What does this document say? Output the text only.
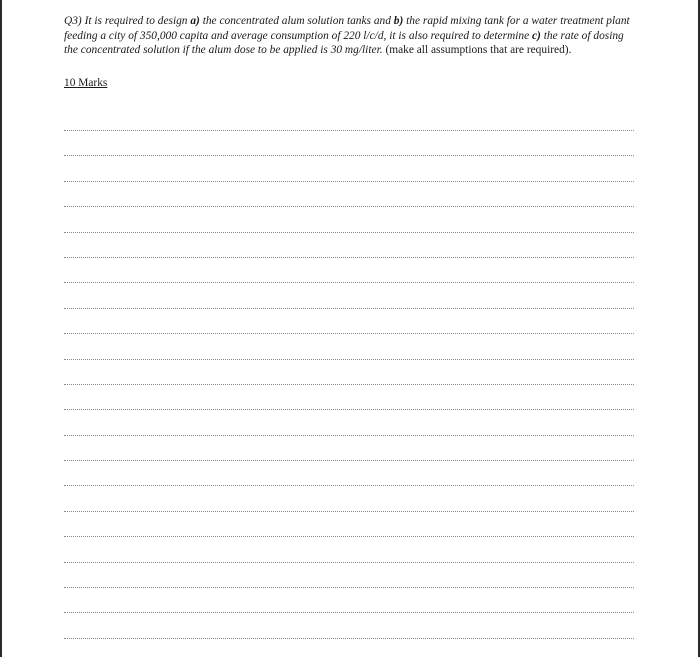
Q3) It is required to design a) the concentrated alum solution tanks and b) the rapid mixing tank for a water treatment plant feeding a city of 350,000 capita and average consumption of 220 l/c/d, it is also required to determine c) the rate of dosing the concentrated solution if the alum dose to be applied is 30 mg/liter. (make all assumptions that are required).
10 Marks
